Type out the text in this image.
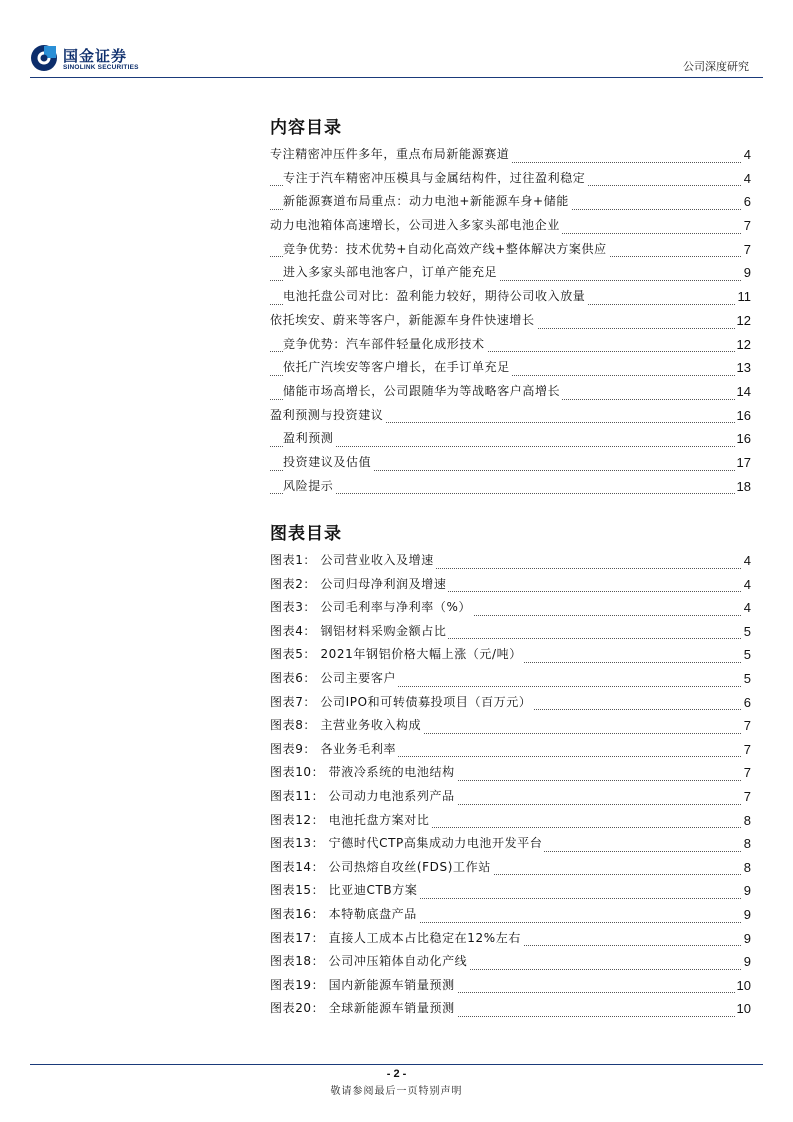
国金证券
SINOLINK SECURITIES	公司深度研究
内容目录
专注精密冲压件多年，重点布局新能源赛道	4
专注于汽车精密冲压模具与金属结构件，过往盈利稳定	4
新能源赛道布局重点：动力电池+新能源车身+储能	6
动力电池箱体高速增长，公司进入多家头部电池企业	7
竞争优势：技术优势+自动化高效产线+整体解决方案供应	7
进入多家头部电池客户，订单产能充足	9
电池托盘公司对比：盈利能力较好，期待公司收入放量	11
依托埃安、蔚来等客户，新能源车身件快速增长	12
竞争优势：汽车部件轻量化成形技术	12
依托广汽埃安等客户增长，在手订单充足	13
储能市场高增长，公司跟随华为等战略客户高增长	14
盈利预测与投资建议	16
盈利预测	16
投资建议及估值	17
风险提示	18
图表目录
图表1： 公司营业收入及增速	4
图表2： 公司归母净利润及增速	4
图表3： 公司毛利率与净利率（%）	4
图表4： 钢铝材料采购金额占比	5
图表5： 2021年钢铝价格大幅上涨（元/吨）	5
图表6： 公司主要客户	5
图表7： 公司IPO和可转债募投项目（百万元）	6
图表8： 主营业务收入构成	7
图表9： 各业务毛利率	7
图表10： 带液冷系统的电池结构	7
图表11： 公司动力电池系列产品	7
图表12： 电池托盘方案对比	8
图表13： 宁德时代CTP高集成动力电池开发平台	8
图表14： 公司热熔自攻丝(FDS)工作站	8
图表15： 比亚迪CTB方案	9
图表16： 本特勒底盘产品	9
图表17： 直接人工成本占比稳定在12%左右	9
图表18： 公司冲压箱体自动化产线	9
图表19： 国内新能源车销量预测	10
图表20： 全球新能源车销量预测	10
- 2 -
敬请参阅最后一页特别声明
